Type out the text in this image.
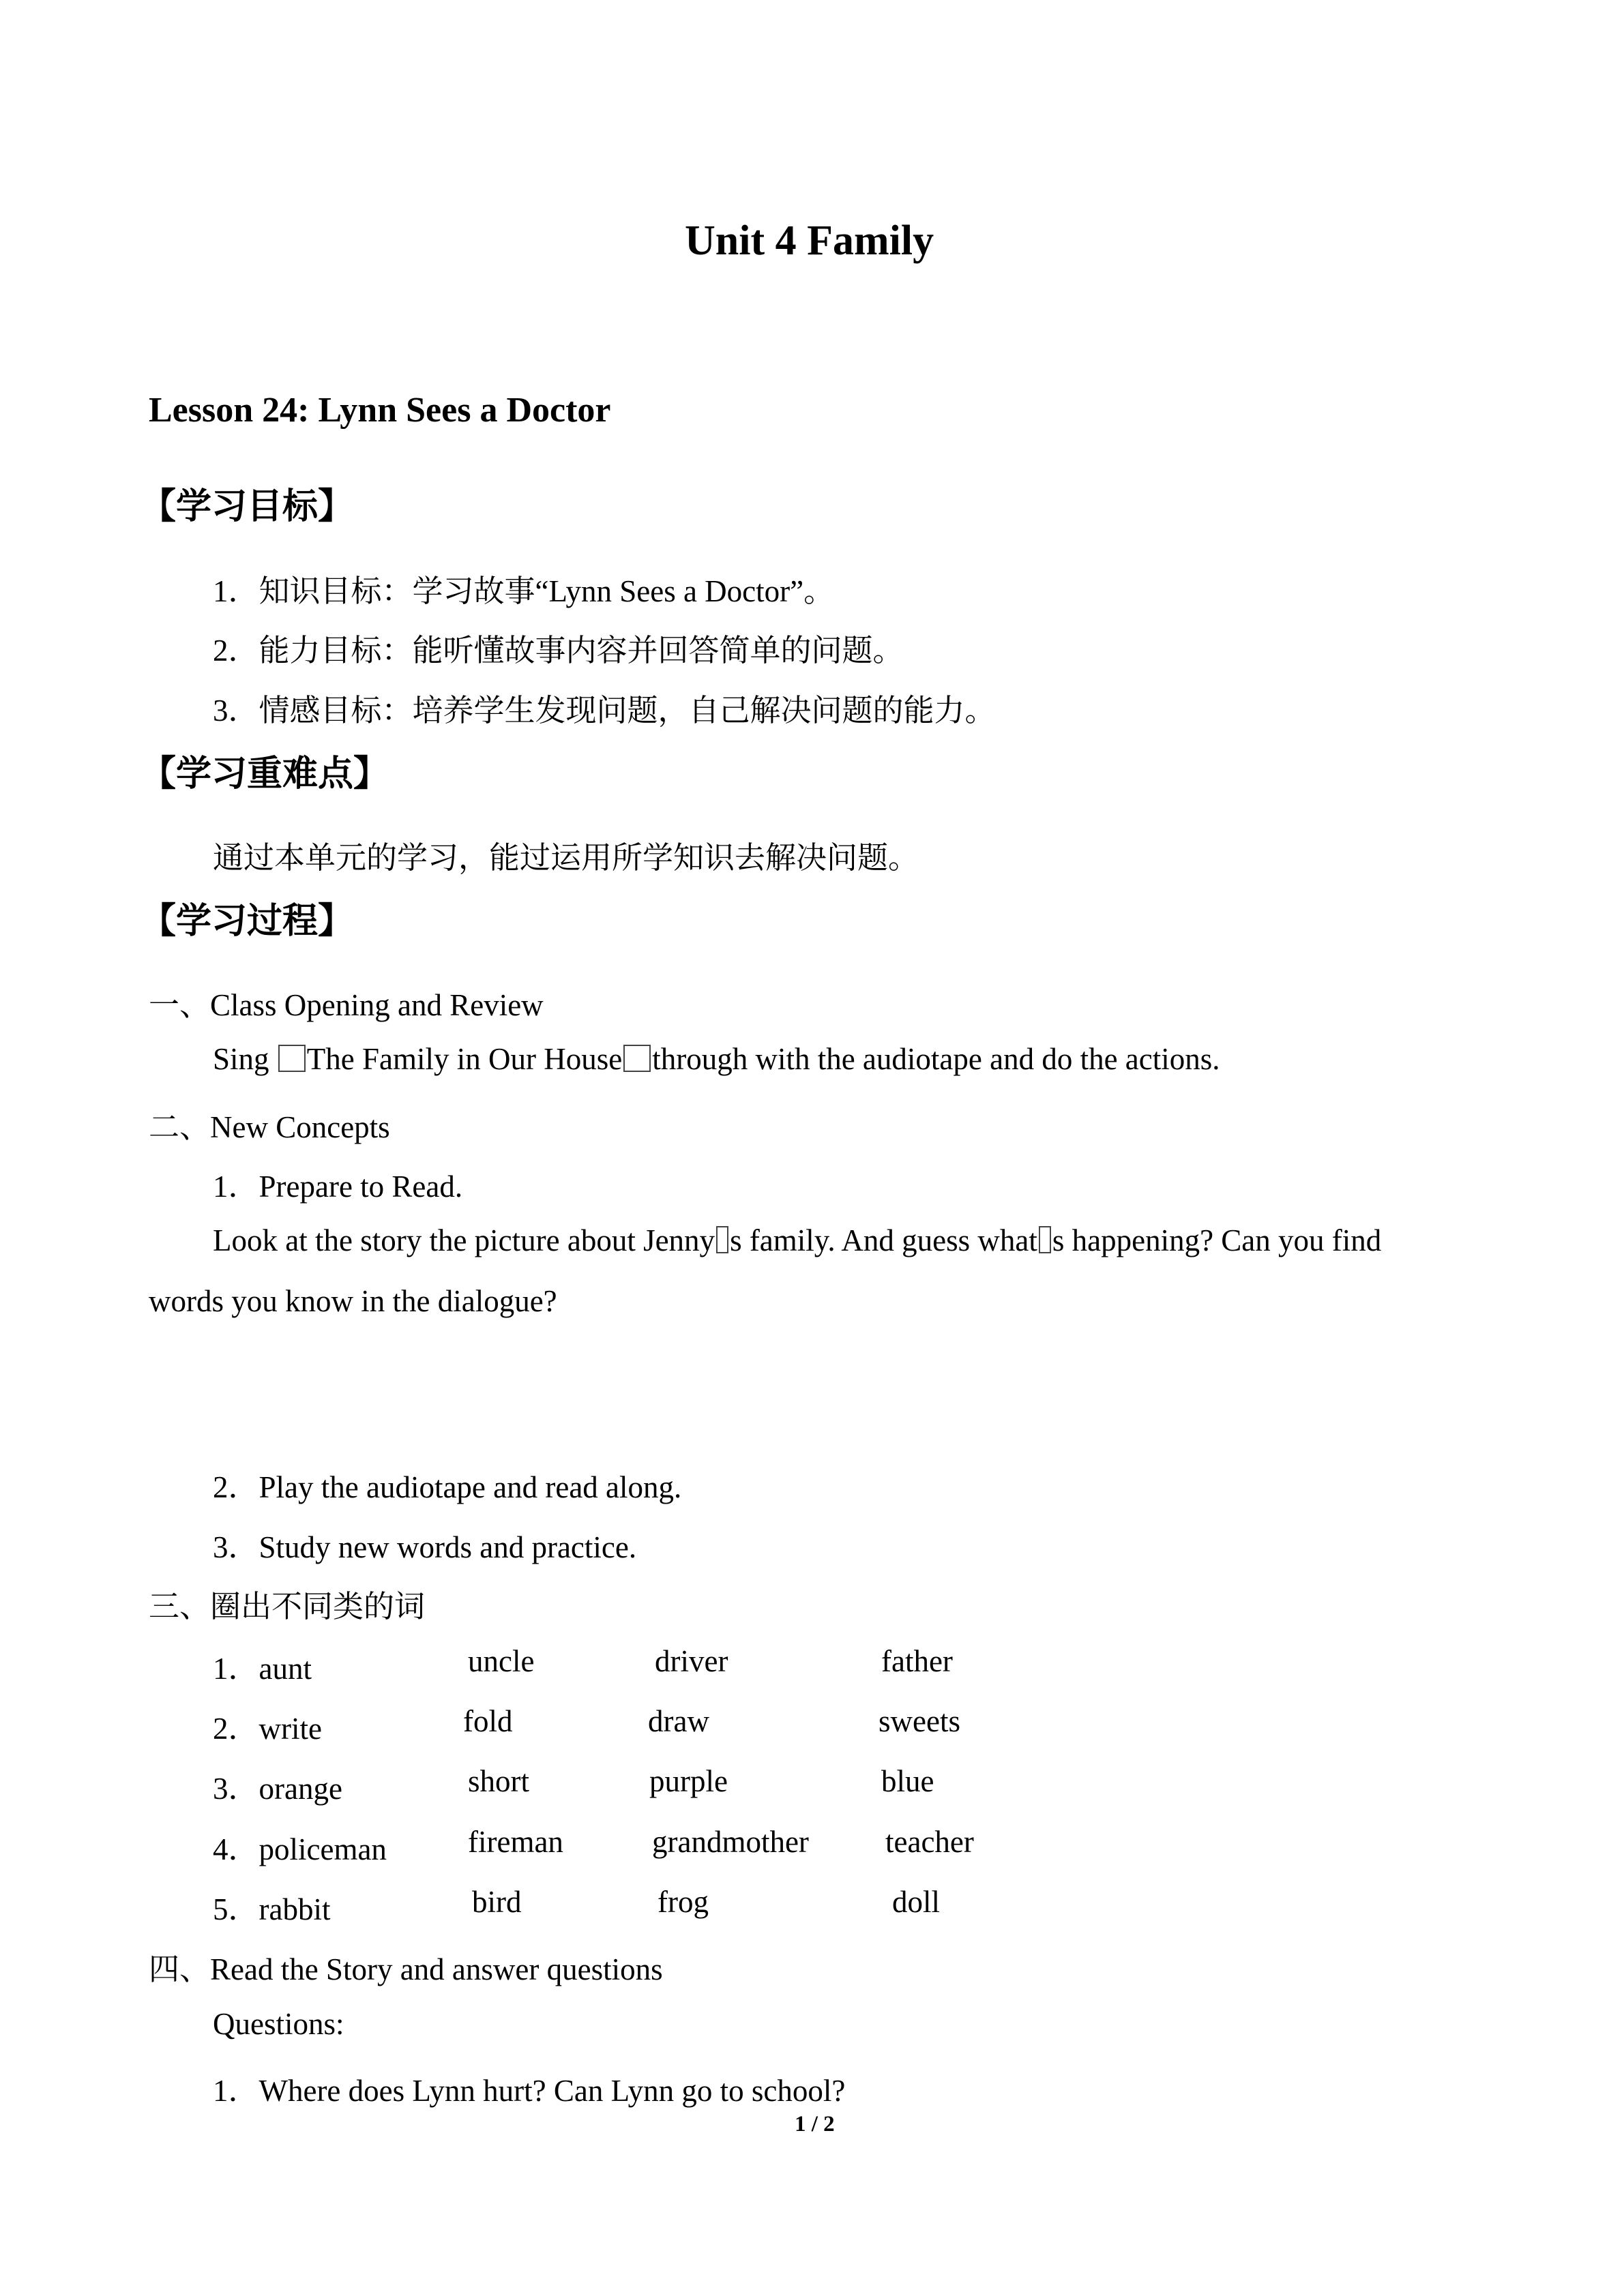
Unit 4 Family
Lesson 24: Lynn Sees a Doctor
【学习目标】
1．知识目标：学习故事“Lynn Sees a Doctor”。
2．能力目标：能听懂故事内容并回答简单的问题。
3．情感目标：培养学生发现问题，自己解决问题的能力。
【学习重难点】
通过本单元的学习，能过运用所学知识去解决问题。
【学习过程】
一、Class Opening and Review
Sing The Family in Our House through with the audiotape and do the actions.
二、New Concepts
1．Prepare to Read.
Look at the story the picture about Jenny s family. And guess what s happening? Can you find
words you know in the dialogue?
2．Play the audiotape and read along.
3．Study new words and practice.
三、圈出不同类的词
1．aunt	uncle	driver	father
2．write	fold	draw	sweets
3．orange	short	purple	blue
4．policeman	fireman	grandmother teacher
5．rabbit	bird	frog	doll
四、Read the Story and answer questions
Questions:
1．Where does Lynn hurt? Can Lynn go to school?
1 / 2
